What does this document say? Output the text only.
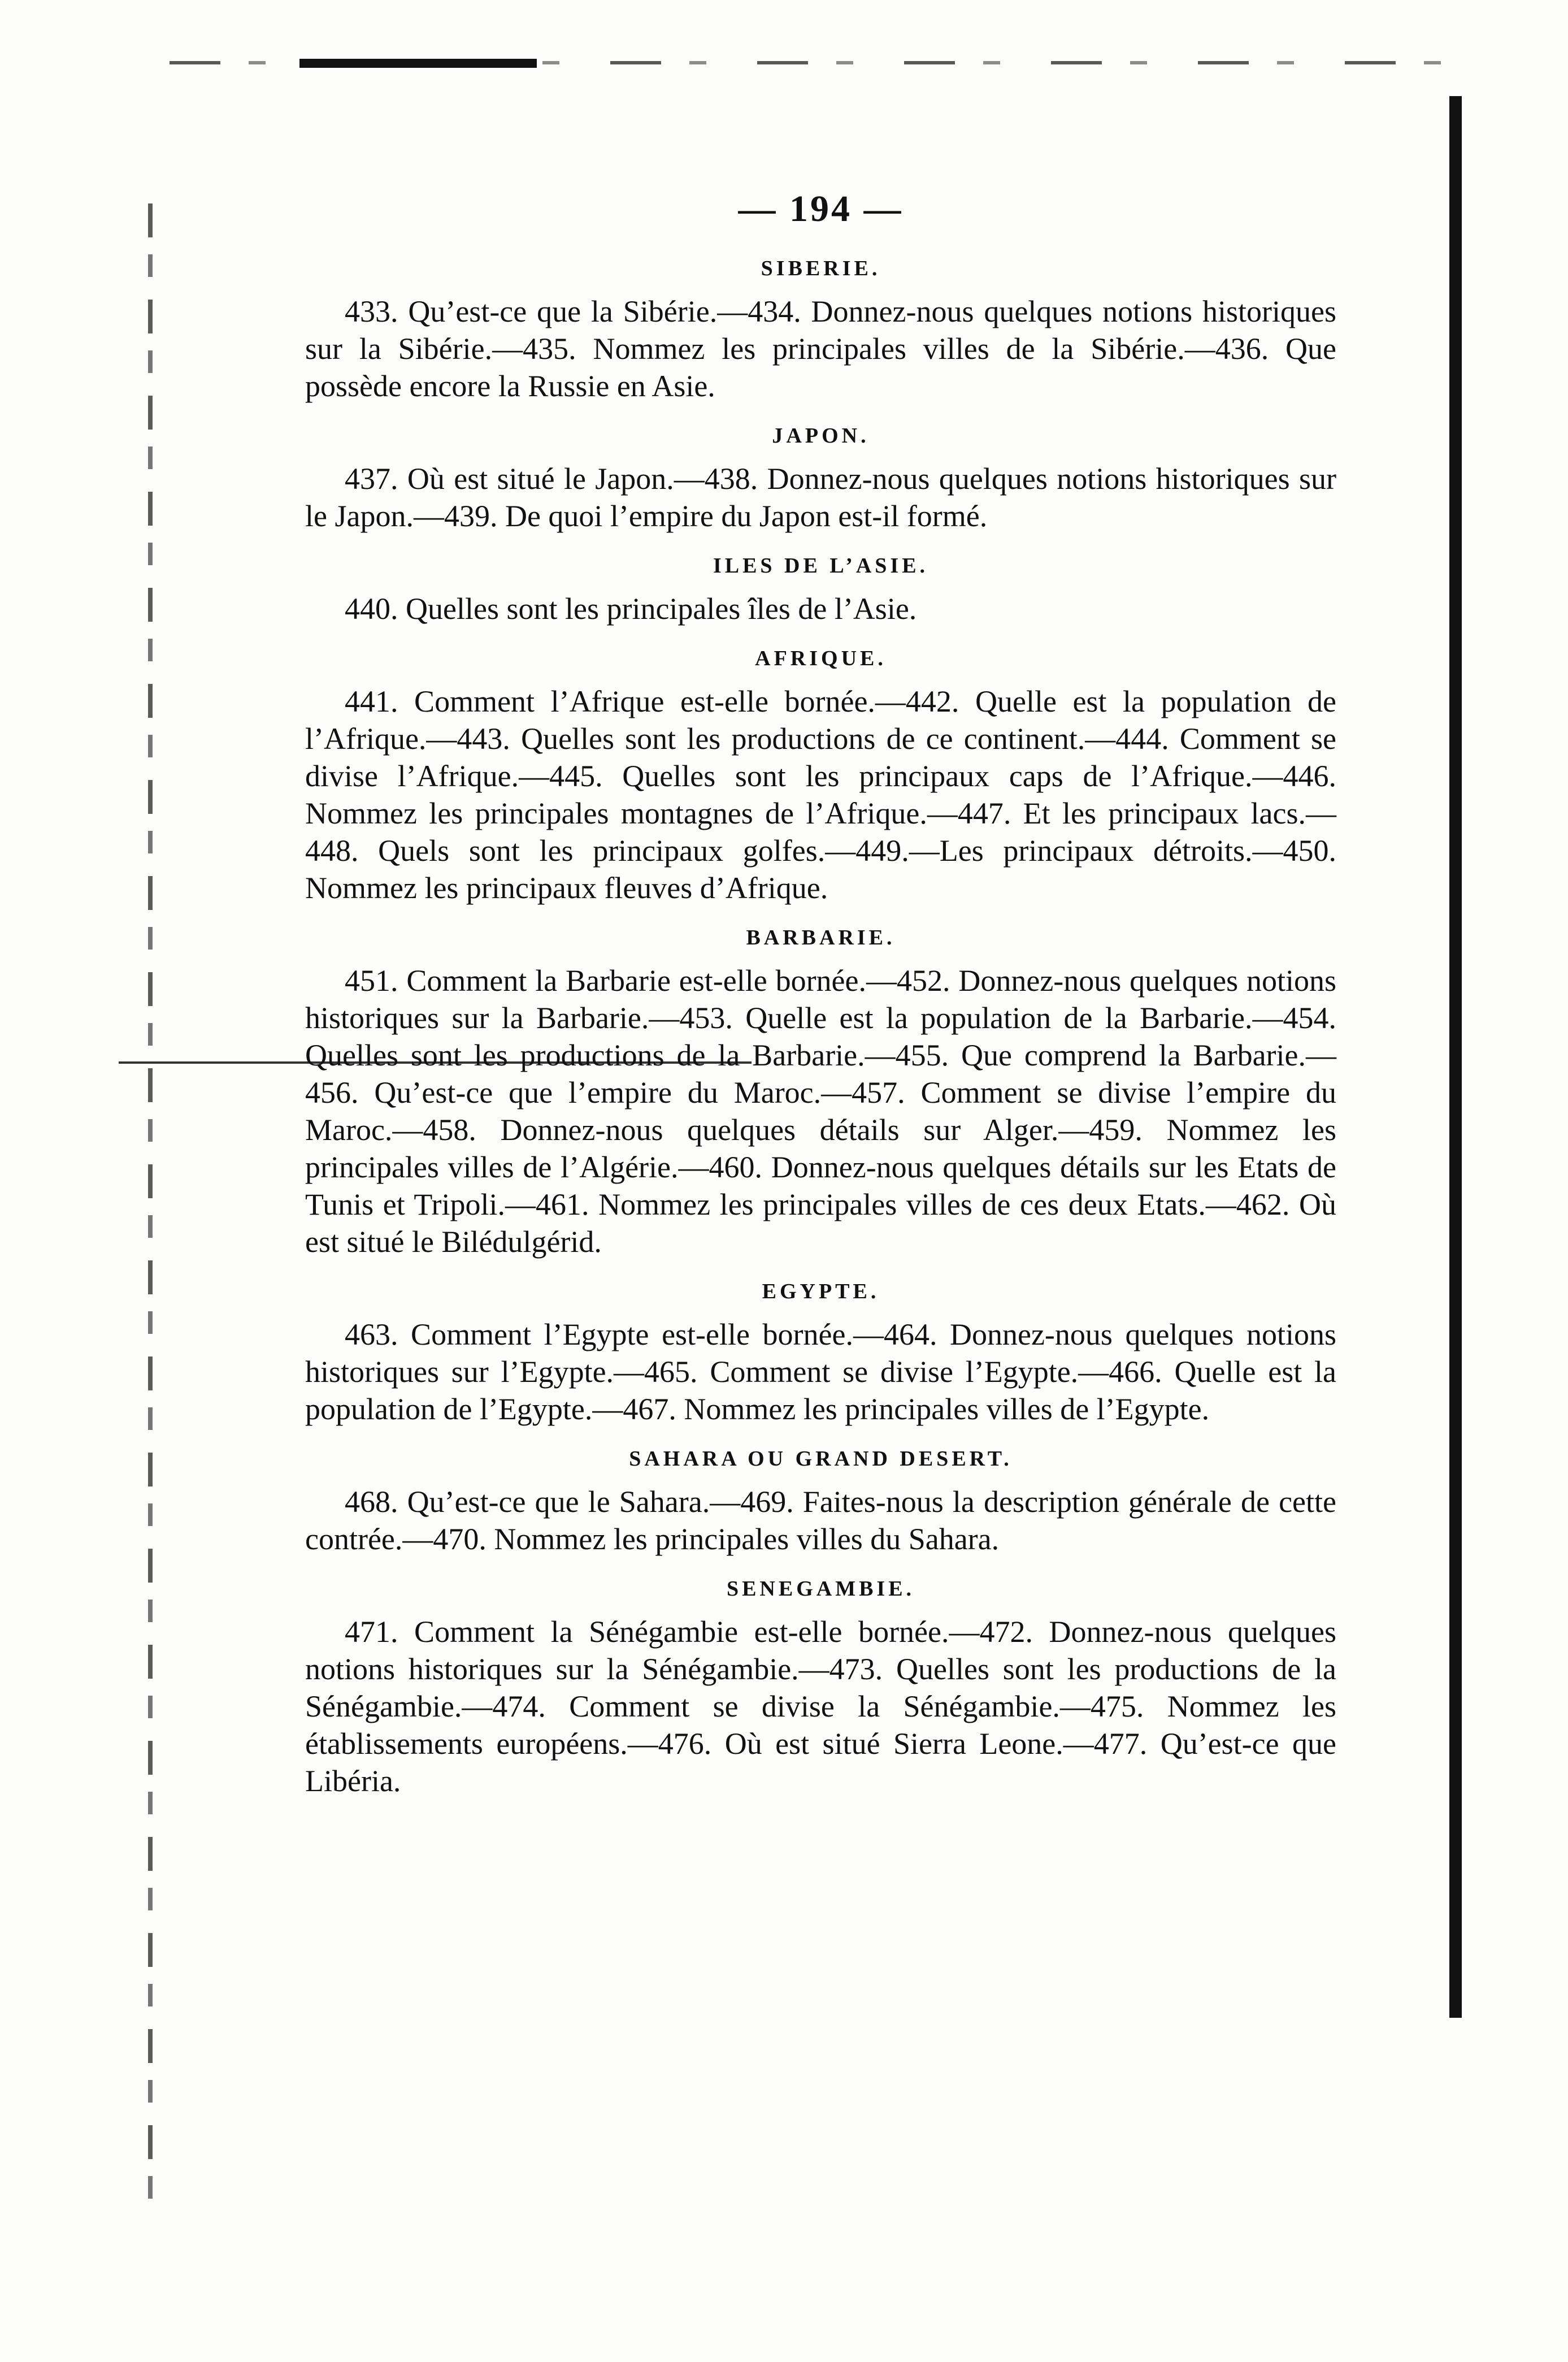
— 194 —
SIBERIE.

433. Qu’est-ce que la Sibérie.—434. Donnez-nous quelques notions historiques sur la Sibérie.—435. Nommez les principales villes de la Sibérie.—436. Que possède encore la Russie en Asie.

JAPON.

437. Où est situé le Japon.—438. Donnez-nous quelques notions historiques sur le Japon.—439. De quoi l’empire du Japon est-il formé.

ILES DE L’ASIE.

440. Quelles sont les principales îles de l’Asie.

AFRIQUE.

441. Comment l’Afrique est-elle bornée.—442. Quelle est la population de l’Afrique.—443. Quelles sont les productions de ce continent.—444. Comment se divise l’Afrique.—445. Quelles sont les principaux caps de l’Afrique.—446. Nommez les principales montagnes de l’Afrique.—447. Et les principaux lacs.—448. Quels sont les principaux golfes.—449.—Les principaux détroits.—450. Nommez les principaux fleuves d’Afrique.

BARBARIE.

451. Comment la Barbarie est-elle bornée.—452. Donnez-nous quelques notions historiques sur la Barbarie.—453. Quelle est la population de la Barbarie.—454. Quelles sont les productions de la Barbarie.—455. Que comprend la Barbarie.—456. Qu’est-ce que l’empire du Maroc.—457. Comment se divise l’empire du Maroc.—458. Donnez-nous quelques détails sur Alger.—459. Nommez les principales villes de l’Algérie.—460. Donnez-nous quelques détails sur les Etats de Tunis et Tripoli.—461. Nommez les principales villes de ces deux Etats.—462. Où est situé le Bilédulgérid.

EGYPTE.

463. Comment l’Egypte est-elle bornée.—464. Donnez-nous quelques notions historiques sur l’Egypte.—465. Comment se divise l’Egypte.—466. Quelle est la population de l’Egypte.—467. Nommez les principales villes de l’Egypte.

SAHARA OU GRAND DESERT.

468. Qu’est-ce que le Sahara.—469. Faites-nous la description générale de cette contrée.—470. Nommez les principales villes du Sahara.

SENEGAMBIE.

471. Comment la Sénégambie est-elle bornée.—472. Donnez-nous quelques notions historiques sur la Sénégambie.—473. Quelles sont les productions de la Sénégambie.—474. Comment se divise la Sénégambie.—475. Nommez les établissements européens.—476. Où est situé Sierra Leone.—477. Qu’est-ce que Libéria.
